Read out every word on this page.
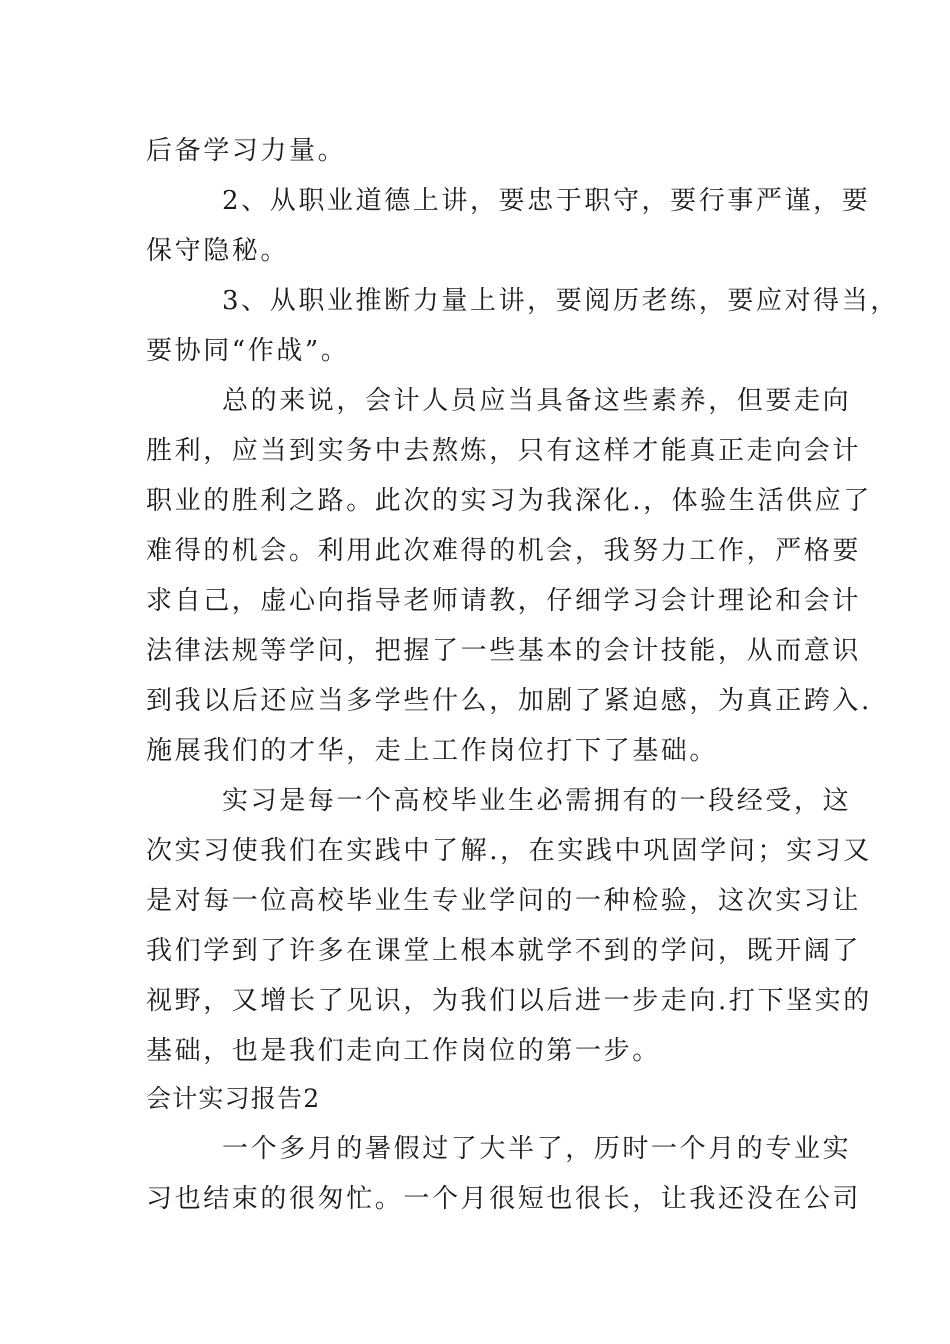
后备学习力量。
2、从职业道德上讲，要忠于职守，要行事严谨，要
保守隐秘。
3、从职业推断力量上讲，要阅历老练，要应对得当，
要协同“作战”。
总的来说，会计人员应当具备这些素养，但要走向
胜利，应当到实务中去熬炼，只有这样才能真正走向会计
职业的胜利之路。此次的实习为我深化.，体验生活供应了
难得的机会。利用此次难得的机会，我努力工作，严格要
求自己，虚心向指导老师请教，仔细学习会计理论和会计
法律法规等学问，把握了一些基本的会计技能，从而意识
到我以后还应当多学些什么，加剧了紧迫感，为真正跨入.
施展我们的才华，走上工作岗位打下了基础。
实习是每一个高校毕业生必需拥有的一段经受，这
次实习使我们在实践中了解.，在实践中巩固学问；实习又
是对每一位高校毕业生专业学问的一种检验，这次实习让
我们学到了许多在课堂上根本就学不到的学问，既开阔了
视野，又增长了见识，为我们以后进一步走向.打下坚实的
基础，也是我们走向工作岗位的第一步。
会计实习报告2
一个多月的暑假过了大半了，历时一个月的专业实
习也结束的很匆忙。一个月很短也很长，让我还没在公司
